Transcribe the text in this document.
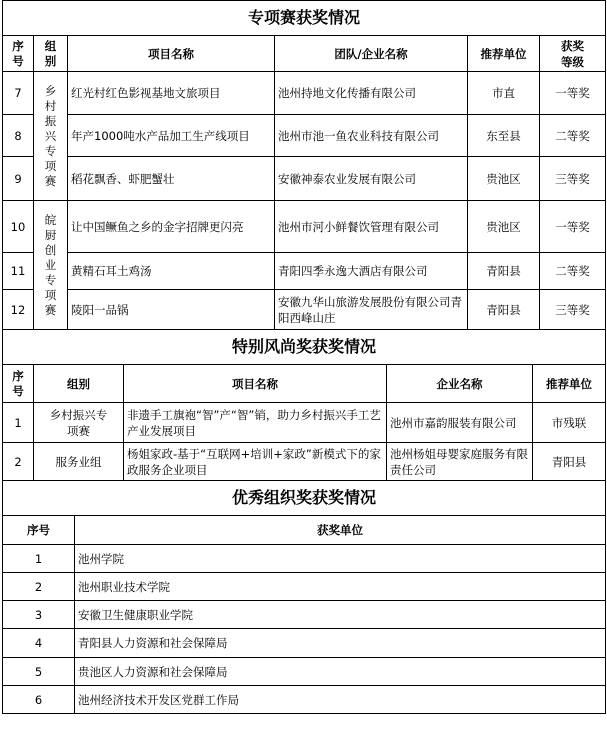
专项赛获奖情况					

序号	组别	项目名称	团队/企业名称	推荐单位	获奖等级

7	乡村振兴专项赛	红光村红色影视基地文旅项目	池州持地文化传播有限公司	市直	一等奖
8		年产1000吨水产品加工生产线项目	池州市池一鱼农业科技有限公司	东至县	二等奖
9		稻花飘香、虾肥蟹壮	安徽神泰农业发展有限公司	贵池区	三等奖
10	皖厨创业专项赛	让中国鳜鱼之乡的金字招牌更闪亮	池州市河小鲜餐饮管理有限公司	贵池区	一等奖
11		黄精石耳土鸡汤	青阳四季永逸大酒店有限公司	青阳县	二等奖
12		陵阳一品锅	安徽九华山旅游发展股份有限公司青阳西峰山庄	青阳县	三等奖
特别风尚奖获奖情况				

序号	组别	项目名称	企业名称	推荐单位
1	乡村振兴专项赛	非遗手工旗袍“智”产“智”销，助力乡村振兴手工艺产业发展项目	池州市嘉韵服装有限公司	市残联
2	服务业组	杨姐家政-基于“互联网+培训+家政”新模式下的家政服务企业项目	池州杨姐母婴家庭服务有限责任公司	青阳县
优秀组织奖获奖情况	
序号	获奖单位
1	池州学院
2	池州职业技术学院
3	安徽卫生健康职业学院
4	青阳县人力资源和社会保障局
5	贵池区人力资源和社会保障局
6	池州经济技术开发区党群工作局
